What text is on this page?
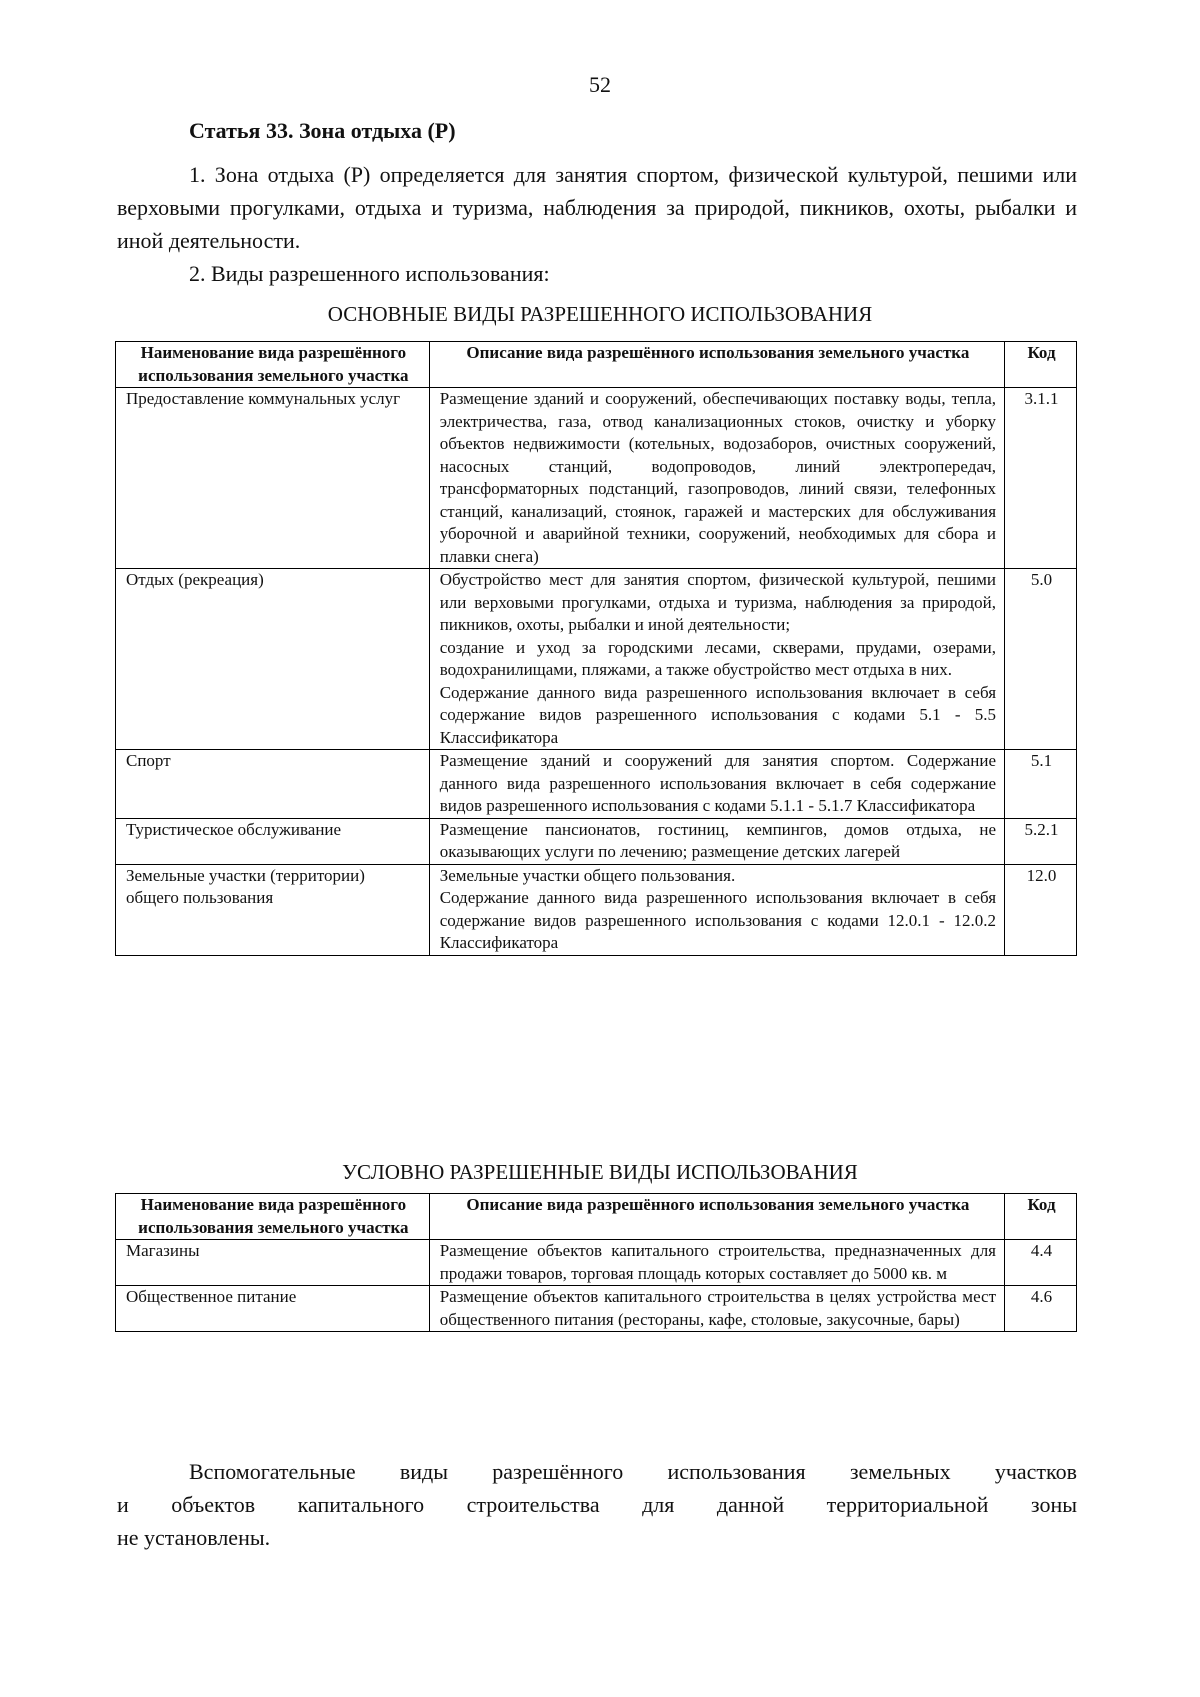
52
Статья 33. Зона отдыха (Р)

1. Зона отдыха (Р) определяется для занятия спортом, физической культурой, пешими или верховыми прогулками, отдыха и туризма, наблюдения за природой, пикников, охоты, рыбалки и иной деятельности.

2. Виды разрешенного использования:

ОСНОВНЫЕ ВИДЫ РАЗРЕШЕННОГО ИСПОЛЬЗОВАНИЯ
Наименование вида разрешённого использования земельного участка	Описание вида разрешённого использования земельного участка	Код
Предоставление коммунальных услуг	Размещение зданий и сооружений, обеспечивающих поставку воды, тепла, электричества, газа, отвод канализационных стоков, очистку и уборку объектов недвижимости (котельных, водозаборов, очистных сооружений, насосных станций, водопроводов, линий электропередач, трансформаторных подстанций, газопроводов, линий связи, телефонных станций, канализаций, стоянок, гаражей и мастерских для обслуживания уборочной и аварийной техники, сооружений, необходимых для сбора и плавки снега)	3.1.1
Отдых (рекреация)	Обустройство мест для занятия спортом, физической культурой, пешими или верховыми прогулками, отдыха и туризма, наблюдения за природой, пикников, охоты, рыбалки и иной деятельности;
создание и уход за городскими лесами, скверами, прудами, озерами, водохранилищами, пляжами, а также обустройство мест отдыха в них.
Содержание данного вида разрешенного использования включает в себя содержание видов разрешенного использования с кодами 5.1 - 5.5 Классификатора	5.0
Спорт	Размещение зданий и сооружений для занятия спортом. Содержание данного вида разрешенного использования включает в себя содержание видов разрешенного использования с кодами 5.1.1 - 5.1.7 Классификатора	5.1
Туристическое обслуживание	Размещение пансионатов, гостиниц, кемпингов, домов отдыха, не оказывающих услуги по лечению; размещение детских лагерей	5.2.1
Земельные участки (территории) общего пользования	Земельные участки общего пользования.
Содержание данного вида разрешенного использования включает в себя содержание видов разрешенного использования с кодами 12.0.1 - 12.0.2 Классификатора	12.0
УСЛОВНО РАЗРЕШЕННЫЕ ВИДЫ ИСПОЛЬЗОВАНИЯ
Наименование вида разрешённого использования земельного участка	Описание вида разрешённого использования земельного участка	Код
Магазины	Размещение объектов капитального строительства, предназначенных для продажи товаров, торговая площадь которых составляет до 5000 кв. м	4.4
Общественное питание	Размещение объектов капитального строительства в целях устройства мест общественного питания (рестораны, кафе, столовые, закусочные, бары)	4.6
Вспомогательные виды разрешённого использования земельных участков
и объектов капитального строительства для данной территориальной зоны
не установлены.
